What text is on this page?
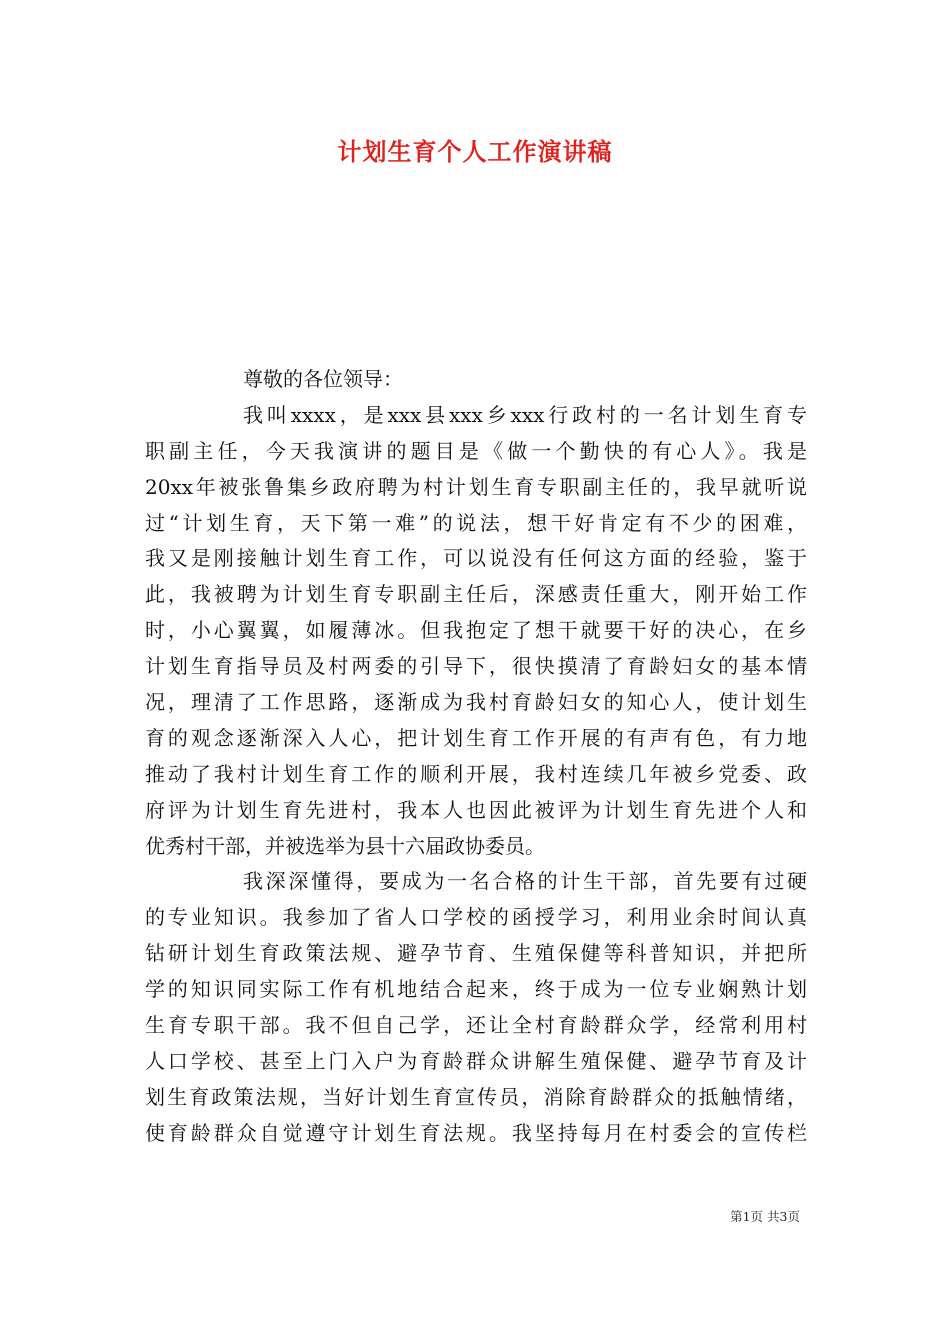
计划生育个人工作演讲稿
尊敬的各位领导：
我叫xxxx，是xxx县xxx乡xxx行政村的一名计划生育专
职副主任，今天我演讲的题目是《做一个勤快的有心人》。我是
20xx年被张鲁集乡政府聘为村计划生育专职副主任的，我早就听说
过“计划生育，天下第一难”的说法，想干好肯定有不少的困难，
我又是刚接触计划生育工作，可以说没有任何这方面的经验，鉴于
此，我被聘为计划生育专职副主任后，深感责任重大，刚开始工作
时，小心翼翼，如履薄冰。但我抱定了想干就要干好的决心，在乡
计划生育指导员及村两委的引导下，很快摸清了育龄妇女的基本情
况，理清了工作思路，逐渐成为我村育龄妇女的知心人，使计划生
育的观念逐渐深入人心，把计划生育工作开展的有声有色，有力地
推动了我村计划生育工作的顺利开展，我村连续几年被乡党委、政
府评为计划生育先进村，我本人也因此被评为计划生育先进个人和
优秀村干部，并被选举为县十六届政协委员。
我深深懂得，要成为一名合格的计生干部，首先要有过硬
的专业知识。我参加了省人口学校的函授学习，利用业余时间认真
钻研计划生育政策法规、避孕节育、生殖保健等科普知识，并把所
学的知识同实际工作有机地结合起来，终于成为一位专业娴熟计划
生育专职干部。我不但自己学，还让全村育龄群众学，经常利用村
人口学校、甚至上门入户为育龄群众讲解生殖保健、避孕节育及计
划生育政策法规，当好计划生育宣传员，消除育龄群众的抵触情绪，
使育龄群众自觉遵守计划生育法规。我坚持每月在村委会的宣传栏
第1页 共3页
